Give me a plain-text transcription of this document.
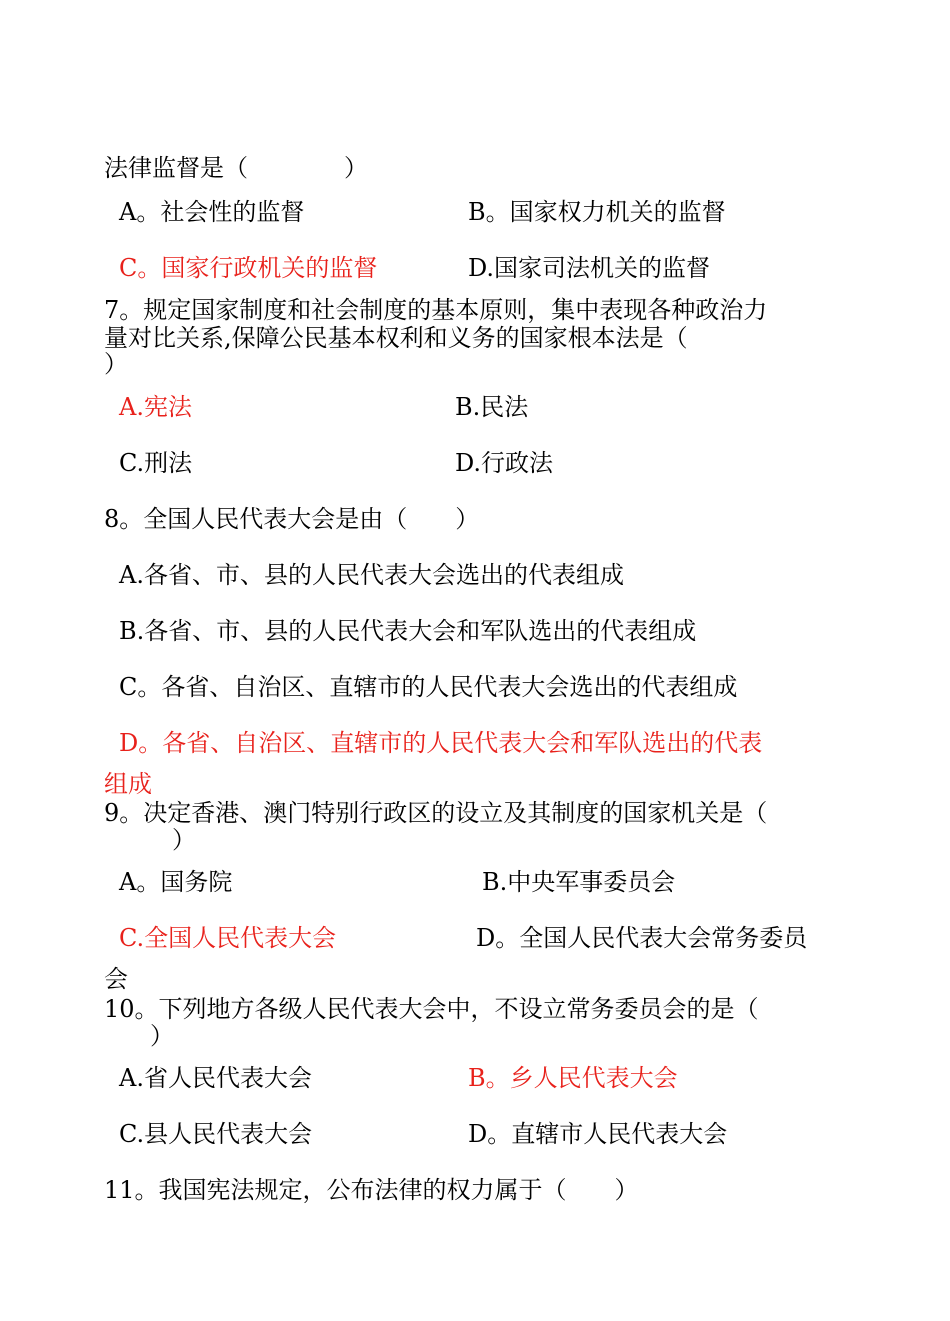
法律监督是（　　　　）
A。社会性的监督	B。国家权力机关的监督
C。国家行政机关的监督	D.国家司法机关的监督
7。规定国家制度和社会制度的基本原则，集中表现各种政治力
量对比关系,保障公民基本权利和义务的国家根本法是（
）
A.宪法	B.民法
C.刑法	D.行政法
8。全国人民代表大会是由（　　）
A.各省、市、县的人民代表大会选出的代表组成
B.各省、市、县的人民代表大会和军队选出的代表组成
C。各省、自治区、直辖市的人民代表大会选出的代表组成
D。各省、自治区、直辖市的人民代表大会和军队选出的代表
组成
9。决定香港、澳门特别行政区的设立及其制度的国家机关是（
）
A。国务院	B.中央军事委员会
C.全国人民代表大会	D。全国人民代表大会常务委员
会
10。下列地方各级人民代表大会中，不设立常务委员会的是（
）
A.省人民代表大会	B。乡人民代表大会
C.县人民代表大会	D。直辖市人民代表大会
11。我国宪法规定，公布法律的权力属于（　　）
